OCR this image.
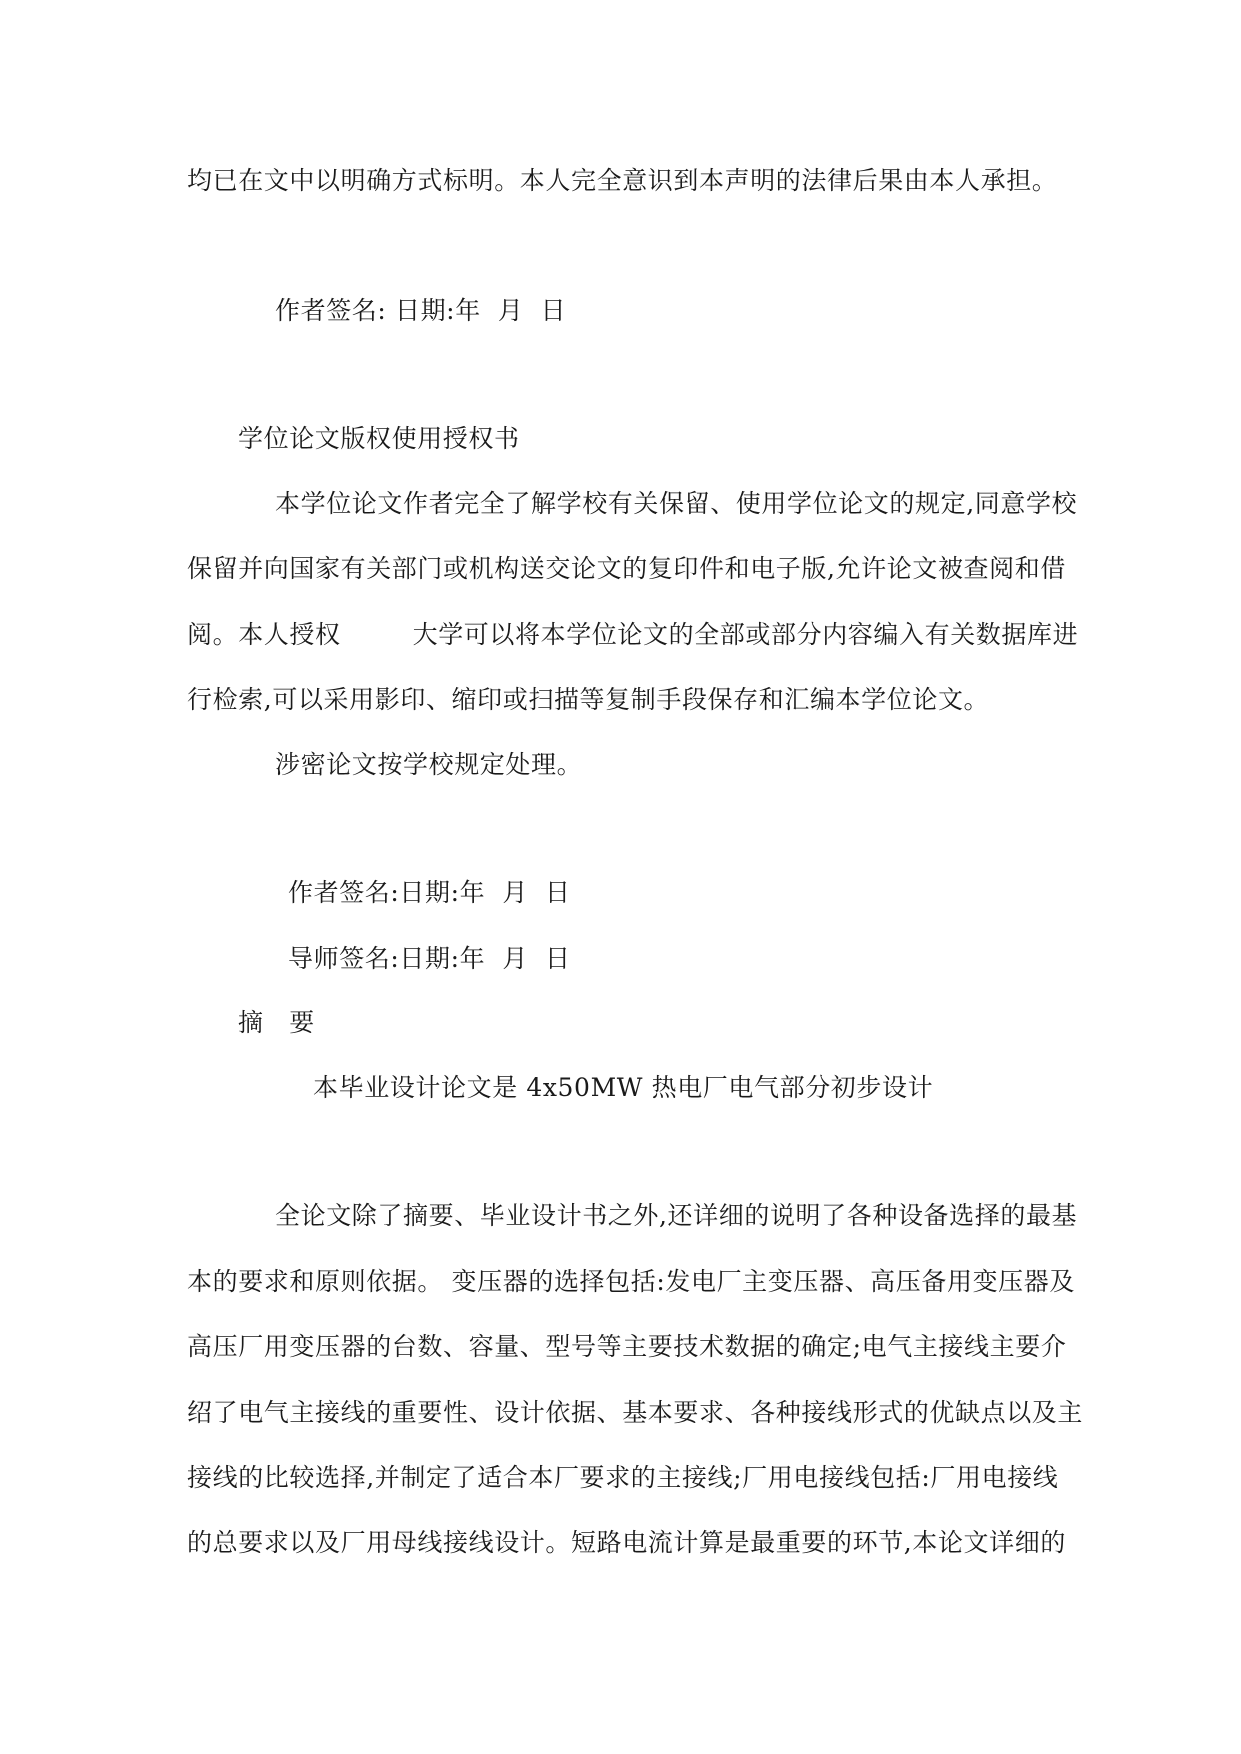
均已在文中以明确方式标明。本人完全意识到本声明的法律后果由本人承担。
作者签名: 日期:年  月  日
学位论文版权使用授权书
本学位论文作者完全了解学校有关保留、使用学位论文的规定,同意学校
保留并向国家有关部门或机构送交论文的复印件和电子版,允许论文被查阅和借
阅。本人授权	大学可以将本学位论文的全部或部分内容编入有关数据库进
行检索,可以采用影印、缩印或扫描等复制手段保存和汇编本学位论文。
涉密论文按学校规定处理。
作者签名:日期:年  月  日
导师签名:日期:年  月  日
摘   要
本毕业设计论文是 4x50MW 热电厂电气部分初步设计
全论文除了摘要、毕业设计书之外,还详细的说明了各种设备选择的最基
本的要求和原则依据。 变压器的选择包括:发电厂主变压器、高压备用变压器及
高压厂用变压器的台数、容量、型号等主要技术数据的确定;电气主接线主要介
绍了电气主接线的重要性、设计依据、基本要求、各种接线形式的优缺点以及主
接线的比较选择,并制定了适合本厂要求的主接线;厂用电接线包括:厂用电接线
的总要求以及厂用母线接线设计。短路电流计算是最重要的环节,本论文详细的
